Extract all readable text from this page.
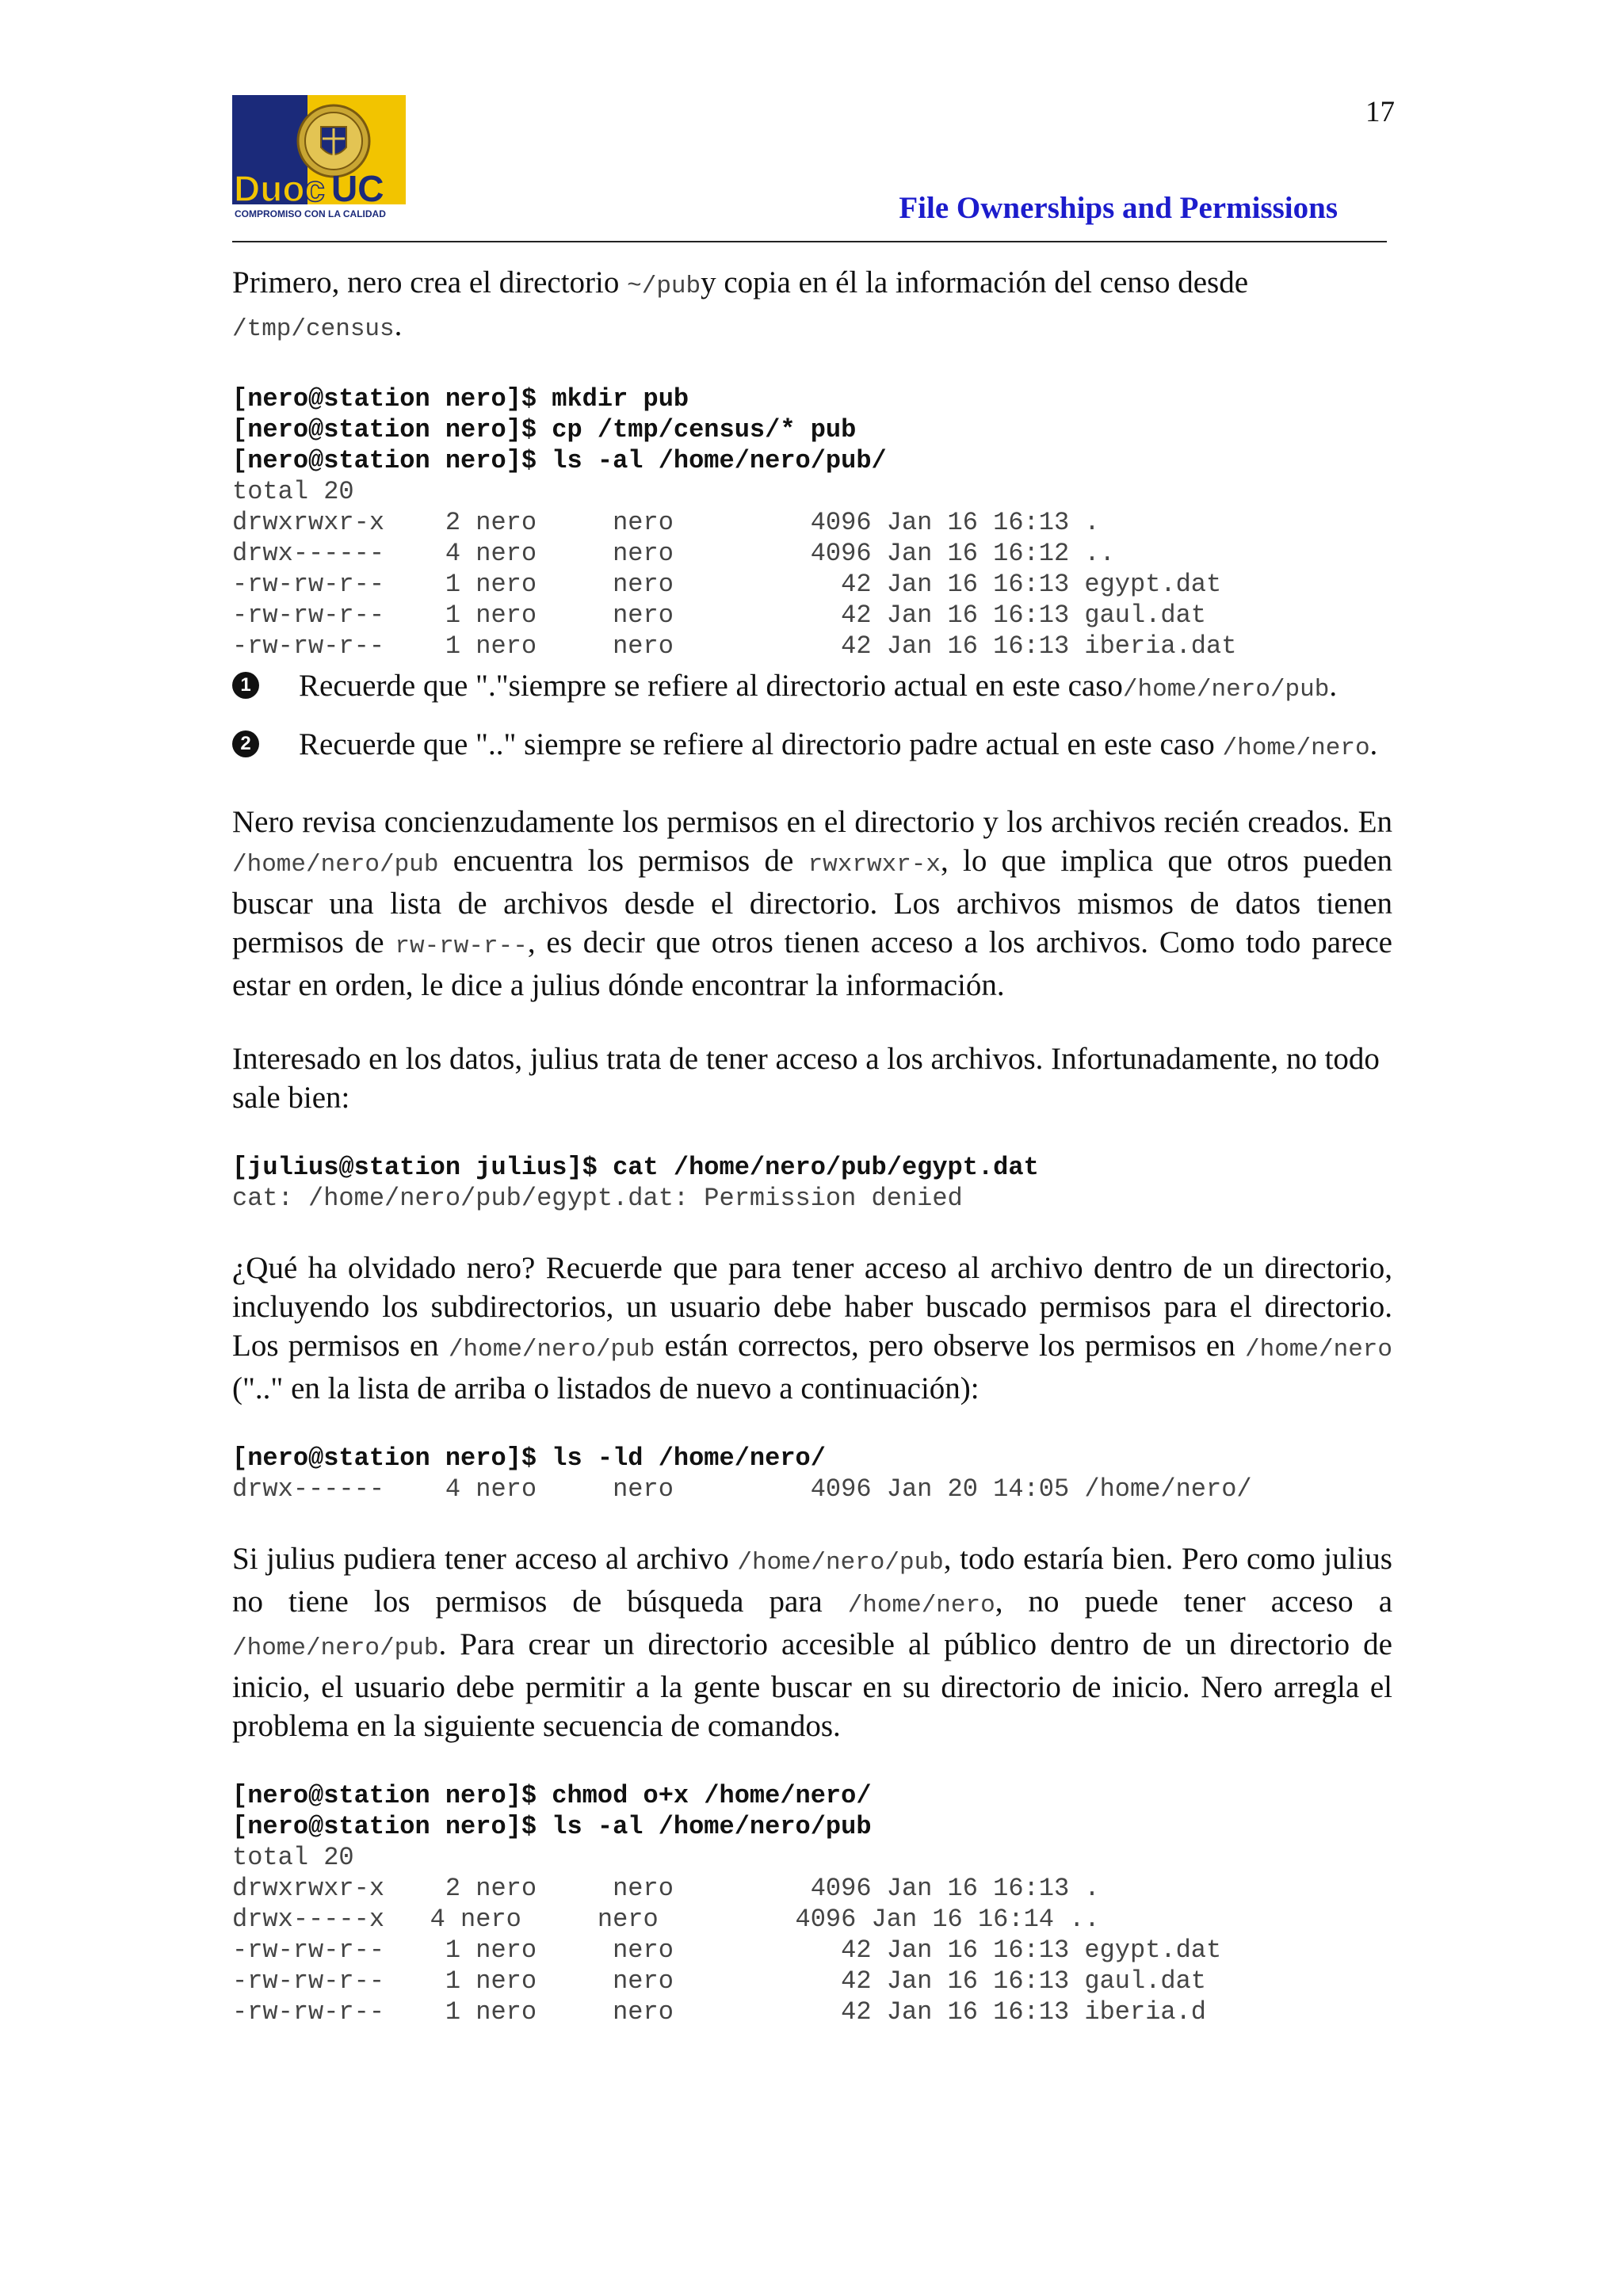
Duoc UC
COMPROMISO CON LA CALIDAD
17
File Ownerships and Permissions

Primero, nero crea el directorio ~/puby copia en él la información del censo desde /tmp/census.

[nero@station nero]$ mkdir pub
[nero@station nero]$ cp /tmp/census/* pub
[nero@station nero]$ ls -al /home/nero/pub/
total 20
drwxrwxr-x    2 nero     nero         4096 Jan 16 16:13 .
drwx------    4 nero     nero         4096 Jan 16 16:12 ..
-rw-rw-r--    1 nero     nero           42 Jan 16 16:13 egypt.dat
-rw-rw-r--    1 nero     nero           42 Jan 16 16:13 gaul.dat
-rw-rw-r--    1 nero     nero           42 Jan 16 16:13 iberia.dat
1 Recuerde que "."siempre se refiere al directorio actual en este caso/home/nero/pub.

2 Recuerde que ".." siempre se refiere al directorio padre actual en este caso /home/nero.

Nero revisa concienzudamente los permisos en el directorio y los archivos recién creados. En /home/nero/pub encuentra los permisos de rwxrwxr-x, lo que implica que otros pueden buscar una lista de archivos desde el directorio. Los archivos mismos de datos tienen permisos de rw-rw-r--, es decir que otros tienen acceso a los archivos. Como todo parece estar en orden, le dice a julius dónde encontrar la información.

Interesado en los datos, julius trata de tener acceso a los archivos. Infortunadamente, no todo sale bien:

[julius@station julius]$ cat /home/nero/pub/egypt.dat
cat: /home/nero/pub/egypt.dat: Permission denied

¿Qué ha olvidado nero? Recuerde que para tener acceso al archivo dentro de un directorio, incluyendo los subdirectorios, un usuario debe haber buscado permisos para el directorio. Los permisos en /home/nero/pub están correctos, pero observe los permisos en /home/nero (".." en la lista de arriba o listados de nuevo a continuación):

[nero@station nero]$ ls -ld /home/nero/
drwx------    4 nero     nero         4096 Jan 20 14:05 /home/nero/

Si julius pudiera tener acceso al archivo /home/nero/pub, todo estaría bien. Pero como julius no tiene los permisos de búsqueda para /home/nero, no puede tener acceso a /home/nero/pub. Para crear un directorio accesible al público dentro de un directorio de inicio, el usuario debe permitir a la gente buscar en su directorio de inicio. Nero arregla el problema en la siguiente secuencia de comandos.

[nero@station nero]$ chmod o+x /home/nero/
[nero@station nero]$ ls -al /home/nero/pub
total 20
drwxrwxr-x    2 nero     nero         4096 Jan 16 16:13 .
drwx-----x   4 nero     nero         4096 Jan 16 16:14 ..
-rw-rw-r--    1 nero     nero           42 Jan 16 16:13 egypt.dat
-rw-rw-r--    1 nero     nero           42 Jan 16 16:13 gaul.dat
-rw-rw-r--    1 nero     nero           42 Jan 16 16:13 iberia.d
